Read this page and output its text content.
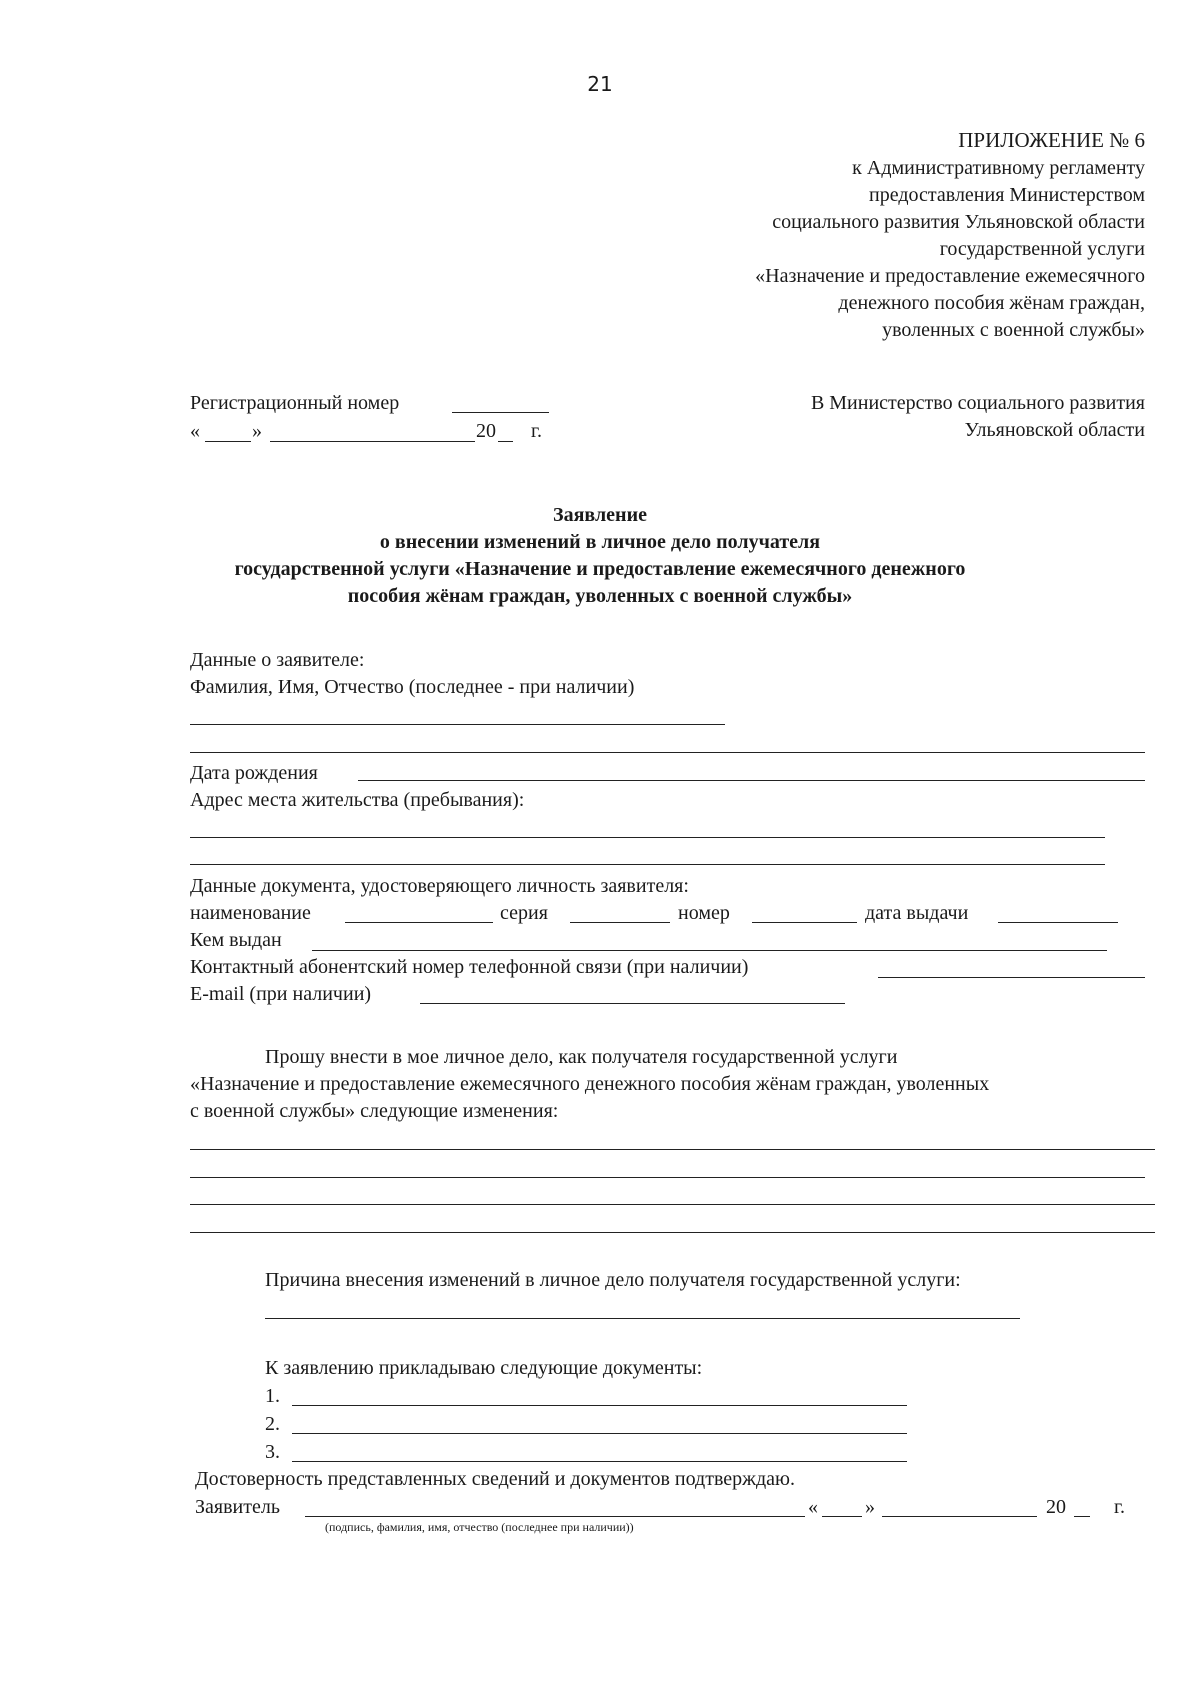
21
ПРИЛОЖЕНИЕ № 6
к Административному регламенту
предоставления Министерством
социального развития Ульяновской области
государственной услуги
«Назначение и предоставление ежемесячного
денежного пособия жёнам граждан,
уволенных с военной службы»
Регистрационный номер
«	»	20 г.
В Министерство социального развития
Ульяновской области
Заявление
о внесении изменений в личное дело получателя
государственной услуги «Назначение и предоставление ежемесячного денежного
пособия жёнам граждан, уволенных с военной службы»
Данные о заявителе:
Фамилия, Имя, Отчество (последнее - при наличии)
Дата рождения
Адрес места жительства (пребывания):
Данные документа, удостоверяющего личность заявителя:
наименование	серия	номер	дата выдачи
Кем выдан
Контактный абонентский номер телефонной связи (при наличии)
E-mail (при наличии)
Прошу внести в мое личное дело, как получателя государственной услуги
«Назначение и предоставление ежемесячного денежного пособия жёнам граждан, уволенных
с военной службы» следующие изменения:
Причина внесения изменений в личное дело получателя государственной услуги:
К заявлению прикладываю следующие документы:
1.
2.
3.
Достоверность представленных сведений и документов подтверждаю.
Заявитель	« »	20 г.
(подпись, фамилия, имя, отчество (последнее при наличии))
